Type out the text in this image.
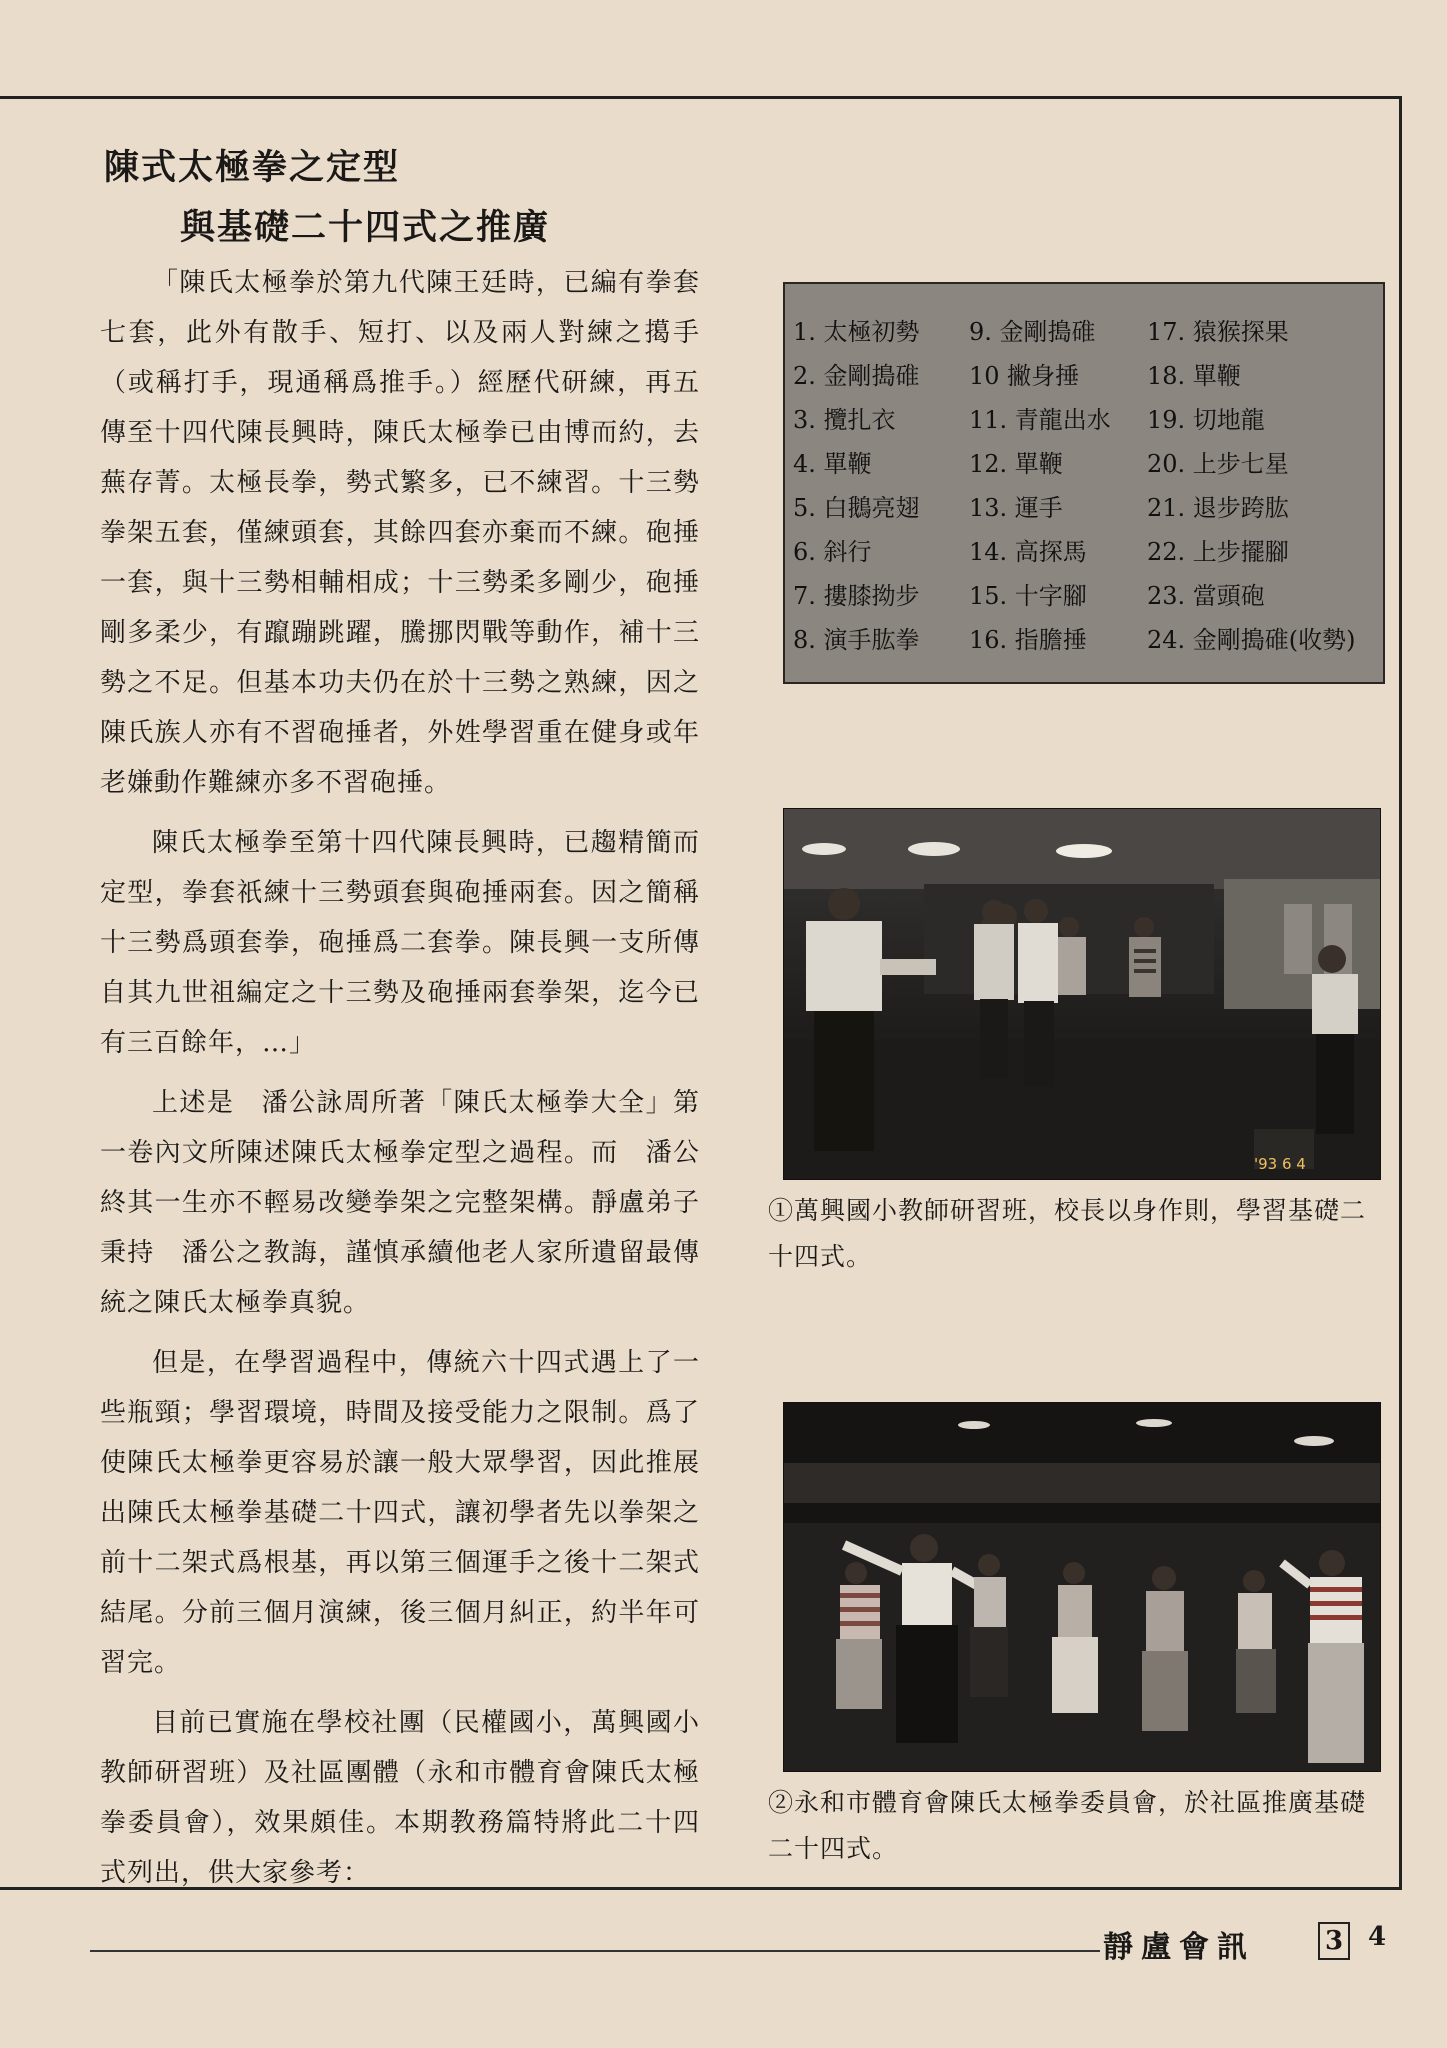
陳式太極拳之定型
與基礎二十四式之推廣

「陳氏太極拳於第九代陳王廷時，已編有拳套七套，此外有散手、短打、以及兩人對練之擖手（或稱打手，現通稱爲推手。）經歷代研練，再五傳至十四代陳長興時，陳氏太極拳已由博而約，去蕪存菁。太極長拳，勢式繁多，已不練習。十三勢拳架五套，僅練頭套，其餘四套亦棄而不練。砲捶一套，與十三勢相輔相成；十三勢柔多剛少，砲捶剛多柔少，有躥蹦跳躍，騰挪閃戰等動作，補十三勢之不足。但基本功夫仍在於十三勢之熟練，因之陳氏族人亦有不習砲捶者，外姓學習重在健身或年老嫌動作難練亦多不習砲捶。

陳氏太極拳至第十四代陳長興時，已趨精簡而定型，拳套祇練十三勢頭套與砲捶兩套。因之簡稱十三勢爲頭套拳，砲捶爲二套拳。陳長興一支所傳自其九世祖編定之十三勢及砲捶兩套拳架，迄今已有三百餘年，…」

上述是　潘公詠周所著「陳氏太極拳大全」第一卷內文所陳述陳氏太極拳定型之過程。而　潘公終其一生亦不輕易改變拳架之完整架構。靜盧弟子秉持　潘公之教誨，謹慎承續他老人家所遺留最傳統之陳氏太極拳真貌。

但是，在學習過程中，傳統六十四式遇上了一些瓶頸；學習環境，時間及接受能力之限制。爲了使陳氏太極拳更容易於讓一般大眾學習，因此推展出陳氏太極拳基礎二十四式，讓初學者先以拳架之前十二架式爲根基，再以第三個運手之後十二架式結尾。分前三個月演練，後三個月糾正，約半年可習完。

目前已實施在學校社團（民權國小，萬興國小教師研習班）及社區團體（永和市體育會陳氏太極拳委員會），效果頗佳。本期教務篇特將此二十四式列出，供大家參考：

1. 太極初勢	9. 金剛搗碓	17. 猿猴探果
2. 金剛搗碓	10 撇身捶	18. 單鞭
3. 攬扎衣	11. 青龍出水	19. 切地龍
4. 單鞭	12. 單鞭	20. 上步七星
5. 白鵝亮翅	13. 運手	21. 退步跨肱
6. 斜行	14. 高探馬	22. 上步擺腳
7. 摟膝拗步	15. 十字腳	23. 當頭砲
8. 演手肱拳	16. 指膽捶	24. 金剛搗碓(收勢)
'93 6 4
①萬興國小教師研習班，校長以身作則，學習基礎二十四式。
②永和市體育會陳氏太極拳委員會，於社區推廣基礎二十四式。
靜盧會訊	3 4
